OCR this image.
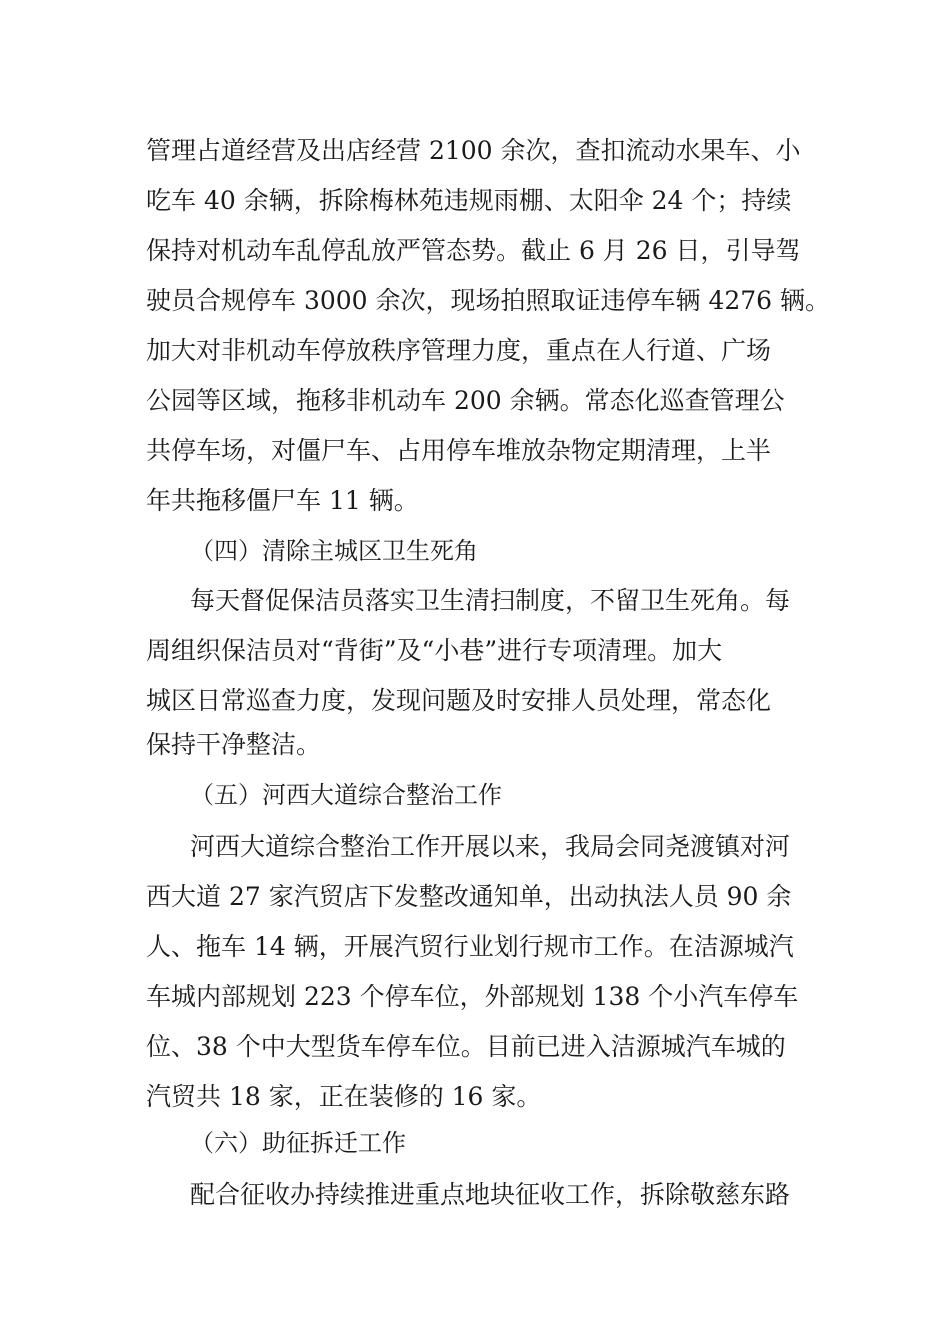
管理占道经营及出店经营 2100 余次，查扣流动水果车、小
吃车 40 余辆，拆除梅林苑违规雨棚、太阳伞 24 个；持续
保持对机动车乱停乱放严管态势。截止 6 月 26 日，引导驾
驶员合规停车 3000 余次，现场拍照取证违停车辆 4276 辆。
加大对非机动车停放秩序管理力度，重点在人行道、广场
公园等区域，拖移非机动车 200 余辆。常态化巡查管理公
共停车场，对僵尸车、占用停车堆放杂物定期清理，上半
年共拖移僵尸车 11 辆。
（四）清除主城区卫生死角
每天督促保洁员落实卫生清扫制度，不留卫生死角。每
周组织保洁员对“背街”及“小巷”进行专项清理。加大
城区日常巡查力度，发现问题及时安排人员处理，常态化
保持干净整洁。
（五）河西大道综合整治工作
河西大道综合整治工作开展以来，我局会同尧渡镇对河
西大道 27 家汽贸店下发整改通知单，出动执法人员 90 余
人、拖车 14 辆，开展汽贸行业划行规市工作。在洁源城汽
车城内部规划 223 个停车位，外部规划 138 个小汽车停车
位、38 个中大型货车停车位。目前已进入洁源城汽车城的
汽贸共 18 家，正在装修的 16 家。
（六）助征拆迁工作
配合征收办持续推进重点地块征收工作，拆除敬慈东路
